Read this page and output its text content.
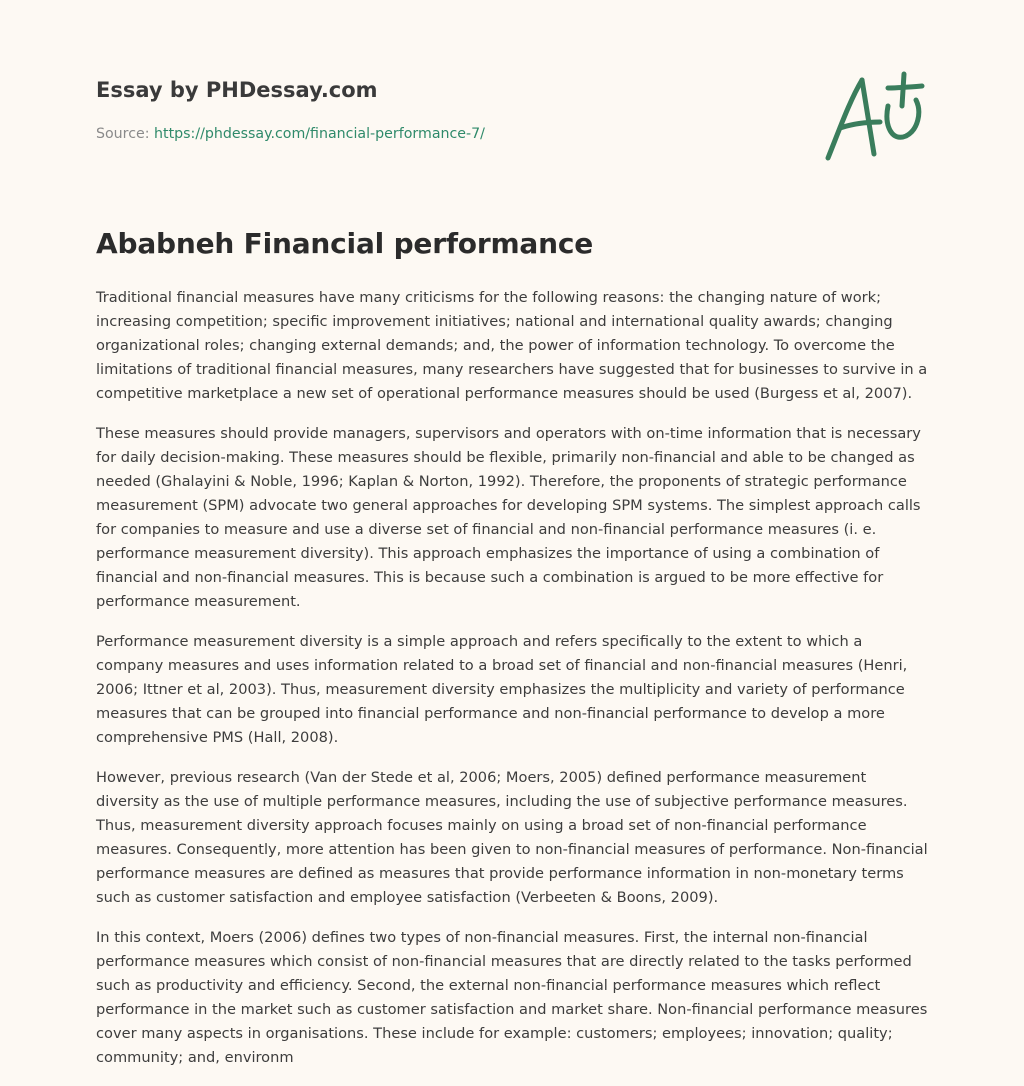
Essay by PHDessay.com
Source: https://phdessay.com/financial-performance-7/
Ababneh Financial performance

Traditional financial measures have many criticisms for the following reasons: the changing nature of work; increasing competition; specific improvement initiatives; national and international quality awards; changing organizational roles; changing external demands; and, the power of information technology. To overcome the limitations of traditional financial measures, many researchers have suggested that for businesses to survive in a competitive marketplace a new set of operational performance measures should be used (Burgess et al, 2007).

These measures should provide managers, supervisors and operators with on-time information that is necessary for daily decision-making. These measures should be flexible, primarily non-financial and able to be changed as needed (Ghalayini & Noble, 1996; Kaplan & Norton, 1992). Therefore, the proponents of strategic performance measurement (SPM) advocate two general approaches for developing SPM systems. The simplest approach calls for companies to measure and use a diverse set of financial and non-financial performance measures (i. e. performance measurement diversity). This approach emphasizes the importance of using a combination of financial and non-financial measures. This is because such a combination is argued to be more effective for performance measurement.

Performance measurement diversity is a simple approach and refers specifically to the extent to which a company measures and uses information related to a broad set of financial and non-financial measures (Henri, 2006; Ittner et al, 2003). Thus, measurement diversity emphasizes the multiplicity and variety of performance measures that can be grouped into financial performance and non-financial performance to develop a more comprehensive PMS (Hall, 2008).

However, previous research (Van der Stede et al, 2006; Moers, 2005) defined performance measurement diversity as the use of multiple performance measures, including the use of subjective performance measures. Thus, measurement diversity approach focuses mainly on using a broad set of non-financial performance measures. Consequently, more attention has been given to non-financial measures of performance. Non-financial performance measures are defined as measures that provide performance information in non-monetary terms such as customer satisfaction and employee satisfaction (Verbeeten & Boons, 2009).

In this context, Moers (2006) defines two types of non-financial measures. First, the internal non-financial performance measures which consist of non-financial measures that are directly related to the tasks performed such as productivity and efficiency. Second, the external non-financial performance measures which reflect performance in the market such as customer satisfaction and market share. Non-financial performance measures cover many aspects in organisations. These include for example: customers; employees; innovation; quality; community; and, environm
